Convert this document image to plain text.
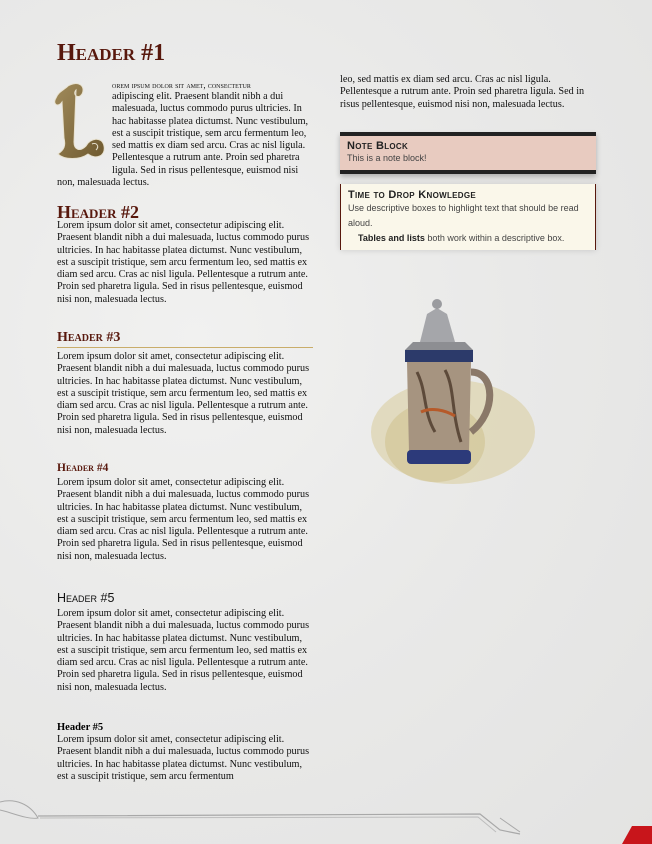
Header #1

orem ipsum dolor sit amet, consectetur

adipiscing elit. Praesent blandit nibh a dui malesuada, luctus commodo purus ultricies. In hac habitasse platea dictumst. Nunc vestibulum, est a suscipit tristique, sem arcu fermentum leo, sed mattis ex diam sed arcu. Cras ac nisl ligula. Pellentesque a rutrum ante. Proin sed pharetra ligula. Sed in risus pellentesque, euismod nisi non, malesuada lectus.

Header #2

Lorem ipsum dolor sit amet, consectetur adipiscing elit. Praesent blandit nibh a dui malesuada, luctus commodo purus ultricies. In hac habitasse platea dictumst. Nunc vestibulum, est a suscipit tristique, sem arcu fermentum leo, sed mattis ex diam sed arcu. Cras ac nisl ligula. Pellentesque a rutrum ante. Proin sed pharetra ligula. Sed in risus pellentesque, euismod nisi non, malesuada lectus.

Header #3

Lorem ipsum dolor sit amet, consectetur adipiscing elit. Praesent blandit nibh a dui malesuada, luctus commodo purus ultricies. In hac habitasse platea dictumst. Nunc vestibulum, est a suscipit tristique, sem arcu fermentum leo, sed mattis ex diam sed arcu. Cras ac nisl ligula. Pellentesque a rutrum ante. Proin sed pharetra ligula. Sed in risus pellentesque, euismod nisi non, malesuada lectus.

Header #4

Lorem ipsum dolor sit amet, consectetur adipiscing elit. Praesent blandit nibh a dui malesuada, luctus commodo purus ultricies. In hac habitasse platea dictumst. Nunc vestibulum, est a suscipit tristique, sem arcu fermentum leo, sed mattis ex diam sed arcu. Cras ac nisl ligula. Pellentesque a rutrum ante. Proin sed pharetra ligula. Sed in risus pellentesque, euismod nisi non, malesuada lectus.

Header #5

Lorem ipsum dolor sit amet, consectetur adipiscing elit. Praesent blandit nibh a dui malesuada, luctus commodo purus ultricies. In hac habitasse platea dictumst. Nunc vestibulum, est a suscipit tristique, sem arcu fermentum leo, sed mattis ex diam sed arcu. Cras ac nisl ligula. Pellentesque a rutrum ante. Proin sed pharetra ligula. Sed in risus pellentesque, euismod nisi non, malesuada lectus.

Header #5

Lorem ipsum dolor sit amet, consectetur adipiscing elit. Praesent blandit nibh a dui malesuada, luctus commodo purus ultricies. In hac habitasse platea dictumst. Nunc vestibulum, est a suscipit tristique, sem arcu fermentum

leo, sed mattis ex diam sed arcu. Cras ac nisl ligula. Pellentesque a rutrum ante. Proin sed pharetra ligula. Sed in risus pellentesque, euismod nisi non, malesuada lectus.

Note Block
This is a note block!
Time to Drop Knowledge
Use descriptive boxes to highlight text that should be read aloud.
Tables and lists both work within a descriptive box.
